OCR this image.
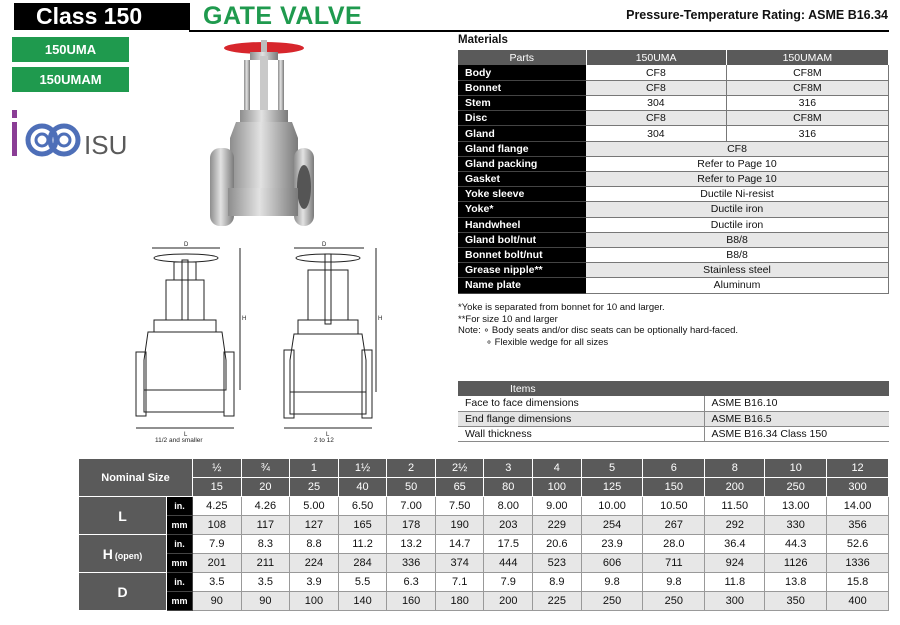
Class 150	GATE VALVE	Pressure-Temperature Rating: ASME B16.34
150UMA
150UMAM
ISU
H
D
L
11/2 and smaller
D
L
H
2 to 12
Materials
Parts	150UMA	150UMAM
Body	CF8	CF8M
Bonnet	CF8	CF8M
Stem	304	316
Disc	CF8	CF8M
Gland	304	316
Gland flange	CF8	
Gland packing	Refer to Page 10	
Gasket	Refer to Page 10	
Yoke sleeve	Ductile Ni-resist	
Yoke*	Ductile iron	
Handwheel	Ductile iron	
Gland bolt/nut	B8/8	
Bonnet bolt/nut	B8/8	
Grease nipple**	Stainless steel	
Name plate	Aluminum	
*Yoke is separated from bonnet for 10 and larger.
**For size 10 and larger
Note: ∘ Body seats and/or disc seats can be optionally hard-faced.
∘ Flexible wedge for all sizes
Items	
Face to face dimensions	ASME B16.10
End flange dimensions	ASME B16.5
Wall thickness	ASME B16.34 Class 150
Nominal Size		½	¾	1	1½	2	2½	3	4	5	6	8	10	12
		15	20	25	40	50	65	80	100	125	150	200	250	300
L	in.	4.25	4.26	5.00	6.50	7.00	7.50	8.00	9.00	10.00	10.50	11.50	13.00	14.00
	mm	108	117	127	165	178	190	203	229	254	267	292	330	356
H (open)	in.	7.9	8.3	8.8	11.2	13.2	14.7	17.5	20.6	23.9	28.0	36.4	44.3	52.6
	mm	201	211	224	284	336	374	444	523	606	711	924	1126	1336
D	in.	3.5	3.5	3.9	5.5	6.3	7.1	7.9	8.9	9.8	9.8	11.8	13.8	15.8
	mm	90	90	100	140	160	180	200	225	250	250	300	350	400
